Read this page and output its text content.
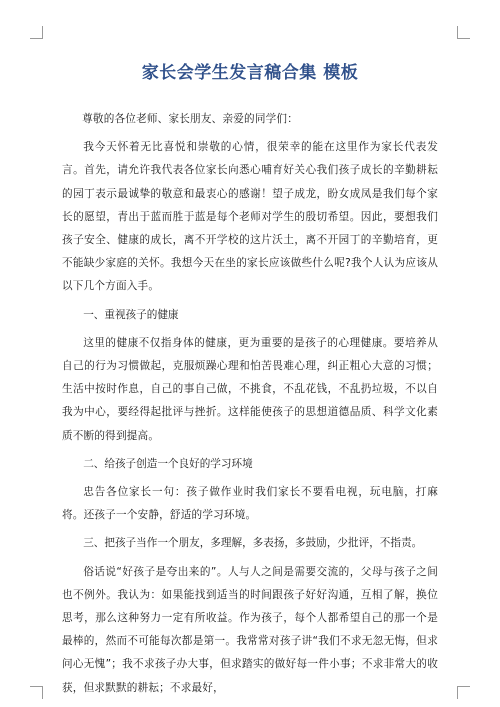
家长会学生发言稿合集 模板
尊敬的各位老师、家长朋友、亲爱的同学们：
我今天怀着无比喜悦和崇敬的心情，很荣幸的能在这里作为家长代表发言。首先，请允许我代表各位家长向悉心哺育好关心我们孩子成长的辛勤耕耘的园丁表示最诚挚的敬意和最衷心的感谢！望子成龙，盼女成凤是我们每个家长的愿望，青出于蓝而胜于蓝是每个老师对学生的殷切希望。因此，要想我们孩子安全、健康的成长，离不开学校的这片沃土，离不开园丁的辛勤培育，更不能缺少家庭的关怀。我想今天在坐的家长应该做些什么呢?我个人认为应该从以下几个方面入手。
一、重视孩子的健康
这里的健康不仅指身体的健康，更为重要的是孩子的心理健康。要培养从自己的行为习惯做起，克服烦躁心理和怕苦畏难心理，纠正粗心大意的习惯；生活中按时作息，自己的事自己做，不挑食，不乱花钱，不乱扔垃圾，不以自我为中心，要经得起批评与挫折。这样能使孩子的思想道德品质、科学文化素质不断的得到提高。
二、给孩子创造一个良好的学习环境
忠告各位家长一句：孩子做作业时我们家长不要看电视，玩电脑，打麻将。还孩子一个安静，舒适的学习环境。
三、把孩子当作一个朋友，多理解，多表扬，多鼓励，少批评，不指责。
俗话说“好孩子是夸出来的”。人与人之间是需要交流的，父母与孩子之间也不例外。我认为：如果能找到适当的时间跟孩子好好沟通，互相了解，换位思考，那么这种努力一定有所收益。作为孩子，每个人都希望自己的那一个是最棒的，然而不可能每次都是第一。我常常对孩子讲“我们不求无忽无悔，但求问心无愧”；我不求孩子办大事，但求踏实的做好每一件小事；不求非常大的收获，但求默默的耕耘；不求最好，
